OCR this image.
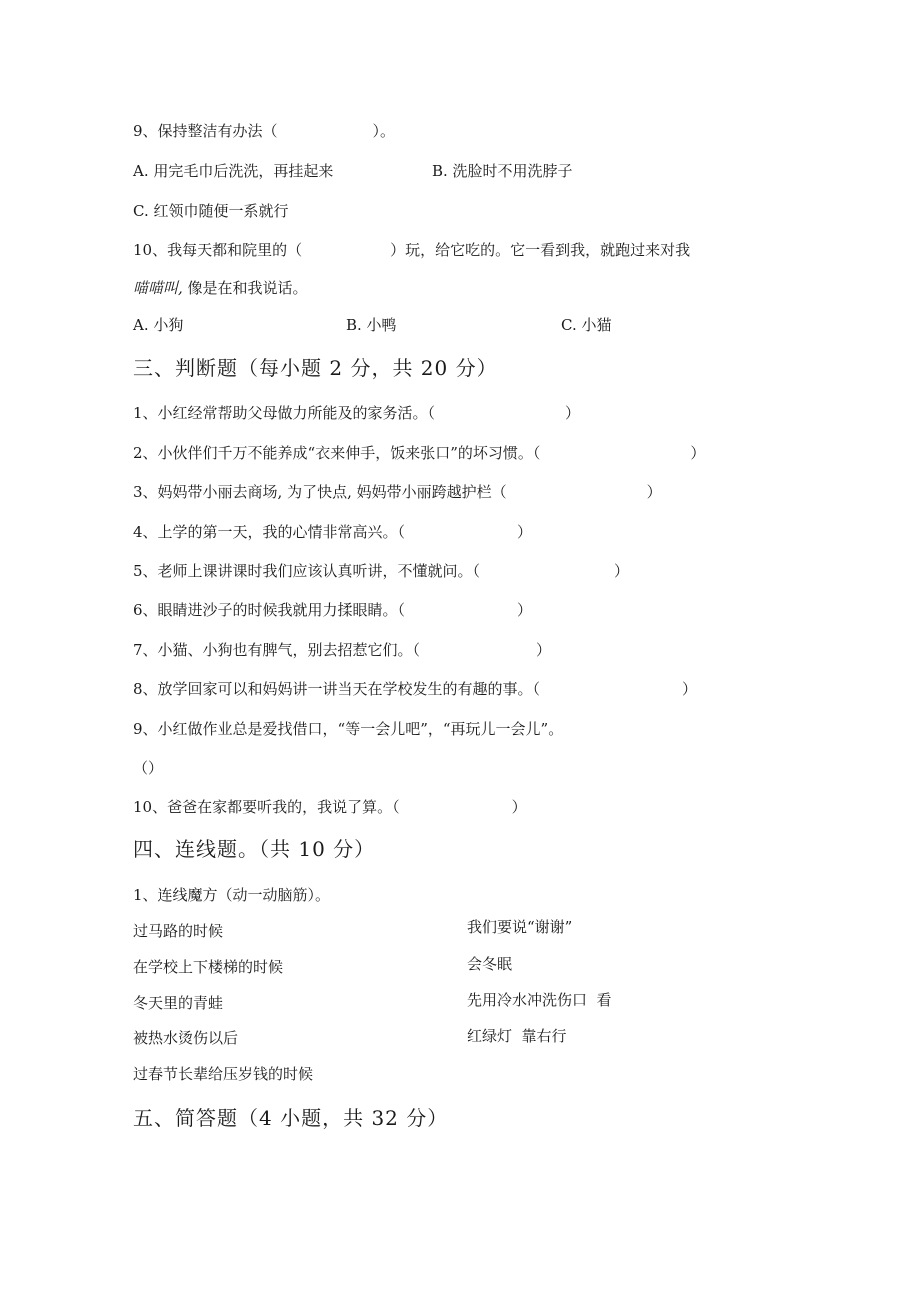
9、保持整洁有办法（	）。
A. 用完毛巾后洗洗，再挂起来	B. 洗脸时不用洗脖子
C. 红领巾随便一系就行
10、我每天都和院里的（	）玩，给它吃的。它一看到我，就跑过来对我
喵喵叫, 像是在和我说话。
A. 小狗	B. 小鸭	C. 小猫
三、判断题（每小题 2 分，共 20 分）
1、小红经常帮助父母做力所能及的家务活。（	）
2、小伙伴们千万不能养成“衣来伸手，饭来张口”的坏习惯。（	）
3、妈妈带小丽去商场, 为了快点, 妈妈带小丽跨越护栏（	）
4、上学的第一天，我的心情非常高兴。（	）
5、老师上课讲课时我们应该认真听讲，不懂就问。（	）
6、眼睛进沙子的时候我就用力揉眼睛。（	）
7、小猫、小狗也有脾气，别去招惹它们。（	）
8、放学回家可以和妈妈讲一讲当天在学校发生的有趣的事。（	）
9、小红做作业总是爱找借口，“等一会儿吧”，“再玩儿一会儿”。
（）
10、爸爸在家都要听我的，我说了算。（	）
四、连线题。（共 10 分）
1、连线魔方（动一动脑筋）。
过马路的时候
在学校上下楼梯的时候
冬天里的青蛙
被热水烫伤以后
过春节长辈给压岁钱的时候
我们要说“谢谢”
会冬眠
先用冷水冲洗伤口  看
红绿灯  靠右行
五、简答题（4 小题，共 32 分）
